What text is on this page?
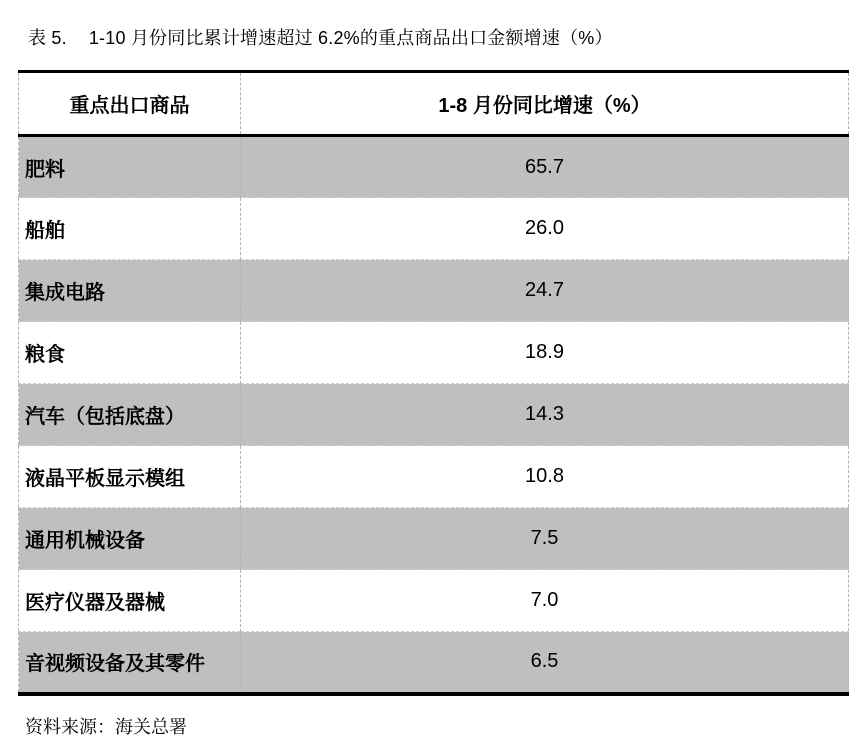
表 5. 1-10 月份同比累计增速超过 6.2%的重点商品出口金额增速（%）
重点出口商品	1-8 月份同比增速（%）
肥料	65.7
船舶	26.0
集成电路	24.7
粮食	18.9
汽车（包括底盘）	14.3
液晶平板显示模组	10.8
通用机械设备	7.5
医疗仪器及器械	7.0
音视频设备及其零件	6.5
资料来源：海关总署
